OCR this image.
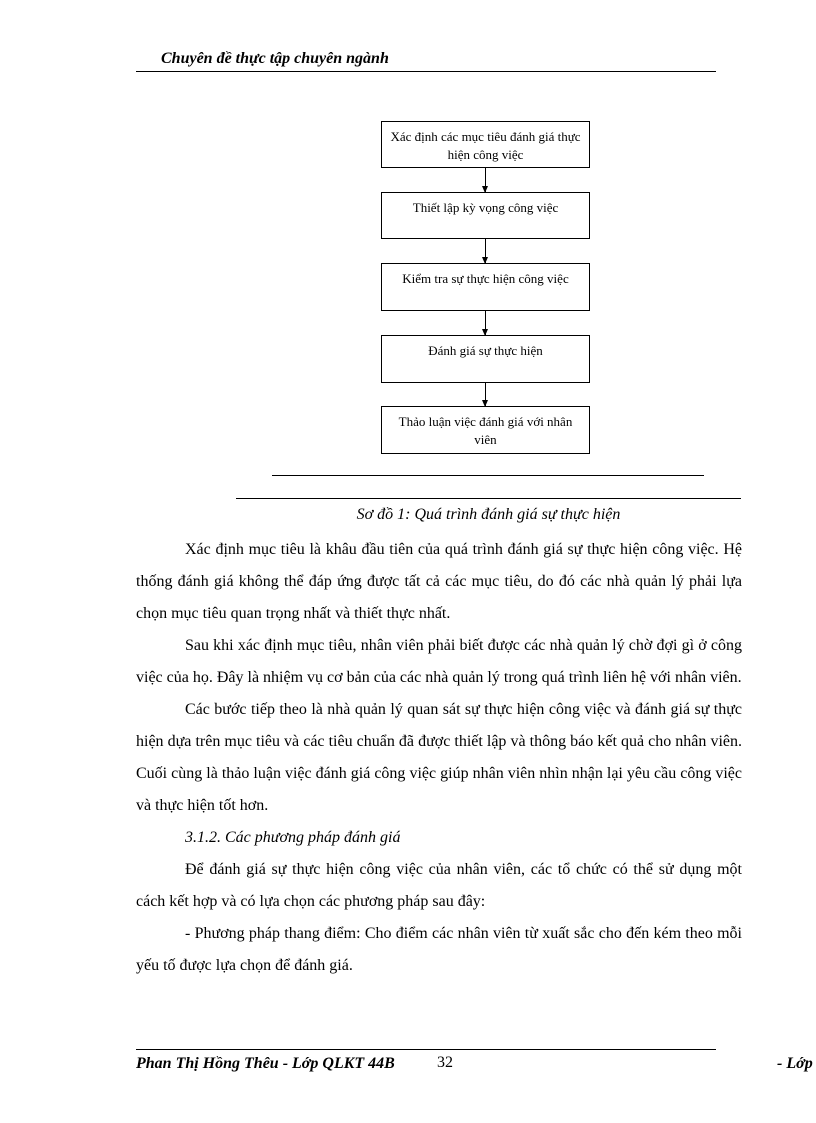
Chuyên đề thực tập chuyên ngành
Xác định các mục tiêu đánh giá thực hiện công việc
Thiết lập kỳ vọng công việc
Kiểm tra sự thực hiện công việc
Đánh giá sự thực hiện
Thảo luận việc đánh giá với nhân viên
Sơ đồ 1: Quá trình đánh giá sự thực hiện

Xác định mục tiêu là khâu đầu tiên của quá trình đánh giá sự thực hiện công việc. Hệ thống đánh giá không thể đáp ứng được tất cả các mục tiêu, do đó các nhà quản lý phải lựa chọn mục tiêu quan trọng nhất và thiết thực nhất.

Sau khi xác định mục tiêu, nhân viên phải biết được các nhà quản lý chờ đợi gì ở công việc của họ. Đây là nhiệm vụ cơ bản của các nhà quản lý trong quá trình liên hệ với nhân viên.

Các bước tiếp theo là nhà quản lý quan sát sự thực hiện công việc và đánh giá sự thực hiện dựa trên mục tiêu và các tiêu chuẩn đã được thiết lập và thông báo kết quả cho nhân viên. Cuối cùng là thảo luận việc đánh giá công việc giúp nhân viên nhìn nhận lại yêu cầu công việc và thực hiện tốt hơn.

3.1.2. Các phương pháp đánh giá

Để đánh giá sự thực hiện công việc của nhân viên, các tổ chức có thể sử dụng một cách kết hợp và có lựa chọn các phương pháp sau đây:

- Phương pháp thang điểm: Cho điểm các nhân viên từ xuất sắc cho đến kém theo mỗi yếu tố được lựa chọn để đánh giá.

Phan Thị Hồng Thêu - Lớp QLKT 44B	32	- Lớp
